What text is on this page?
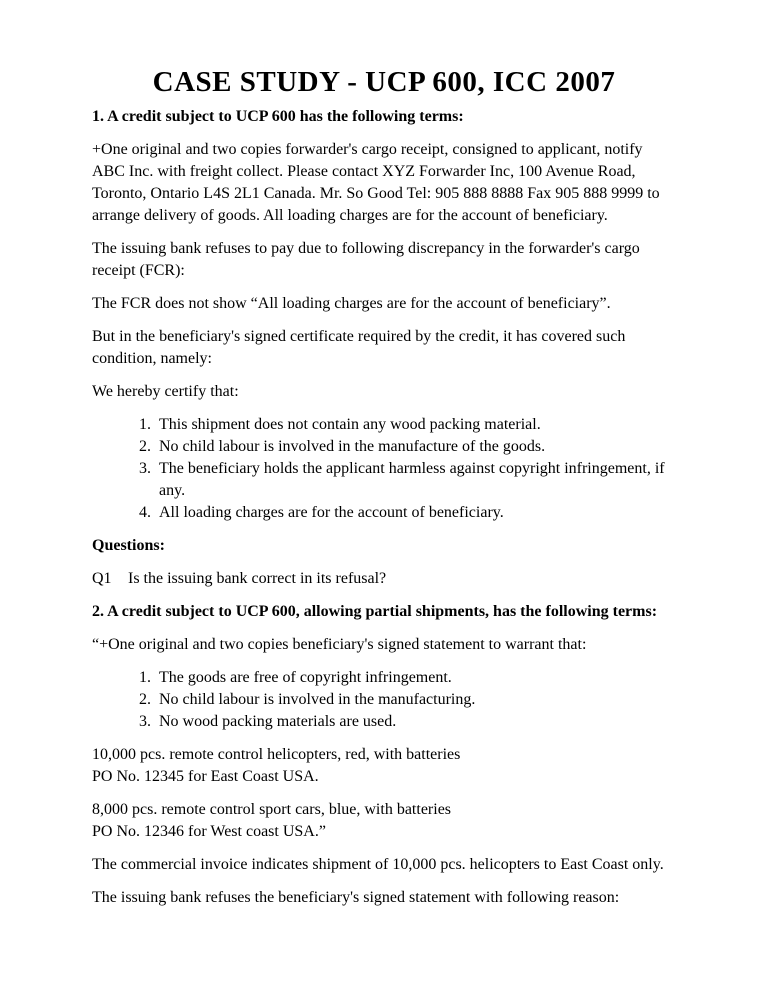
CASE STUDY - UCP 600, ICC 2007
1. A credit subject to UCP 600 has the following terms:

+One original and two copies forwarder's cargo receipt, consigned to applicant, notify ABC Inc. with freight collect. Please contact XYZ Forwarder Inc, 100 Avenue Road, Toronto, Ontario L4S 2L1 Canada. Mr. So Good Tel: 905 888 8888 Fax 905 888 9999 to arrange delivery of goods. All loading charges are for the account of beneficiary.

The issuing bank refuses to pay due to following discrepancy in the forwarder's cargo receipt (FCR):

The FCR does not show “All loading charges are for the account of beneficiary”.

But in the beneficiary's signed certificate required by the credit, it has covered such condition, namely:

We hereby certify that:

1. This shipment does not contain any wood packing material.
2. No child labour is involved in the manufacture of the goods.
3. The beneficiary holds the applicant harmless against copyright infringement, if any.
4. All loading charges are for the account of beneficiary.
Questions:
Q1 Is the issuing bank correct in its refusal?
2. A credit subject to UCP 600, allowing partial shipments, has the following terms:

“+One original and two copies beneficiary's signed statement to warrant that:

1. The goods are free of copyright infringement.
2. No child labour is involved in the manufacturing.
3. No wood packing materials are used.
10,000 pcs. remote control helicopters, red, with batteries
PO No. 12345 for East Coast USA.
8,000 pcs. remote control sport cars, blue, with batteries
PO No. 12346 for West coast USA.”

The commercial invoice indicates shipment of 10,000 pcs. helicopters to East Coast only.

The issuing bank refuses the beneficiary's signed statement with following reason:
